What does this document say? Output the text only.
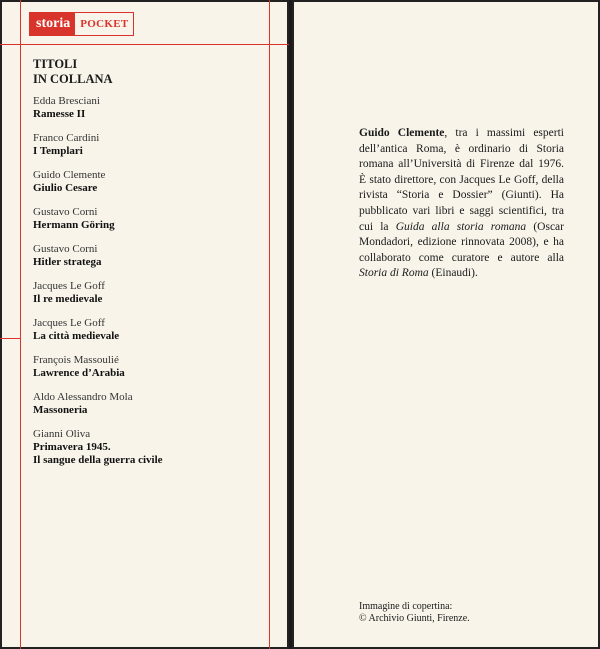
storia POCKET
TITOLI
IN COLLANA
Edda Bresciani
Ramesse II
Franco Cardini
I Templari
Guido Clemente
Giulio Cesare
Gustavo Corni
Hermann Göring
Gustavo Corni
Hitler stratega
Jacques Le Goff
Il re medievale
Jacques Le Goff
La città medievale
François Massoulié
Lawrence d’Arabia
Aldo Alessandro Mola
Massoneria
Gianni Oliva
Primavera 1945.
Il sangue della guerra civile
Guido Clemente, tra i massimi esperti dell’antica Roma, è ordinario di Storia romana all’Università di Firenze dal 1976. È stato direttore, con Jacques Le Goff, della rivista “Storia e Dossier” (Giunti). Ha pubblicato vari libri e saggi scientifici, tra cui la Guida alla storia romana (Oscar Mondadori, edizione rinnovata 2008), e ha collaborato come curatore e autore alla Storia di Roma (Einaudi).
Immagine di copertina:
© Archivio Giunti, Firenze.
